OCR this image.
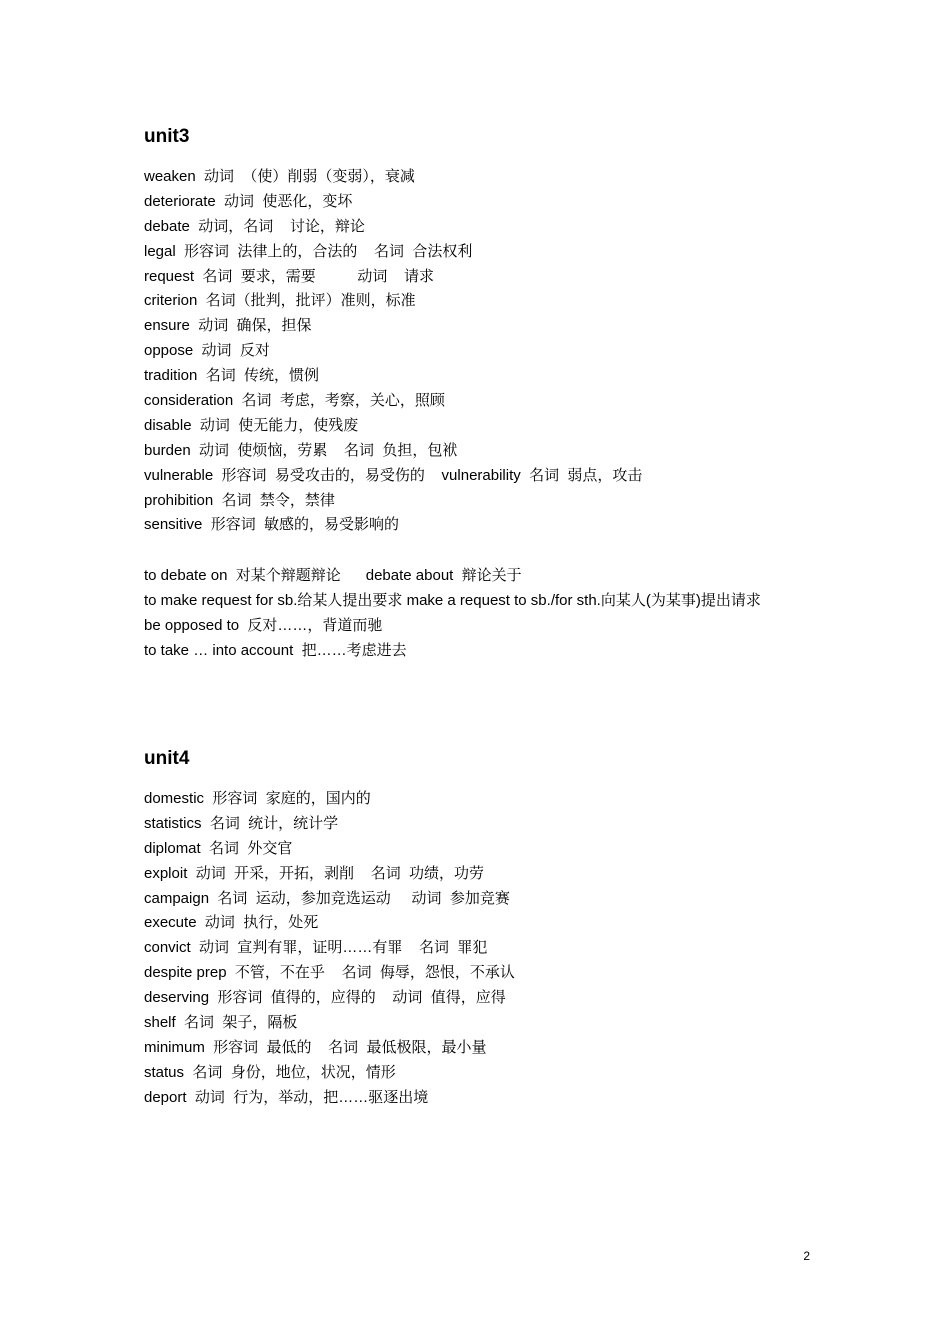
unit3
weaken  动词  （使）削弱（变弱），衰减
deteriorate  动词  使恶化，变坏
debate  动词，名词    讨论，辩论
legal  形容词  法律上的，合法的    名词  合法权利
request  名词  要求，需要          动词    请求
criterion  名词（批判，批评）准则，标准
ensure  动词  确保，担保
oppose  动词  反对
tradition  名词  传统，惯例
consideration  名词  考虑，考察，关心，照顾
disable  动词  使无能力，使残废
burden  动词  使烦恼，劳累    名词  负担，包袱
vulnerable  形容词  易受攻击的，易受伤的    vulnerability  名词  弱点，攻击
prohibition  名词  禁令，禁律
sensitive  形容词  敏感的，易受影响的
to debate on  对某个辩题辩论      debate about  辩论关于
to make request for sb.给某人提出要求 make a request to sb./for sth.向某人(为某事)提出请求
be opposed to  反对……，背道而驰
to take … into account  把……考虑进去
unit4
domestic  形容词  家庭的，国内的
statistics  名词  统计，统计学
diplomat  名词  外交官
exploit  动词  开采，开拓，剥削    名词  功绩，功劳
campaign  名词  运动，参加竞选运动     动词  参加竞赛
execute  动词  执行，处死
convict  动词  宣判有罪，证明……有罪    名词  罪犯
despite prep  不管，不在乎    名词  侮辱，怨恨，不承认
deserving  形容词  值得的，应得的    动词  值得，应得
shelf  名词  架子，隔板
minimum  形容词  最低的    名词  最低极限，最小量
status  名词  身份，地位，状况，情形
deport  动词  行为，举动，把……驱逐出境
2
